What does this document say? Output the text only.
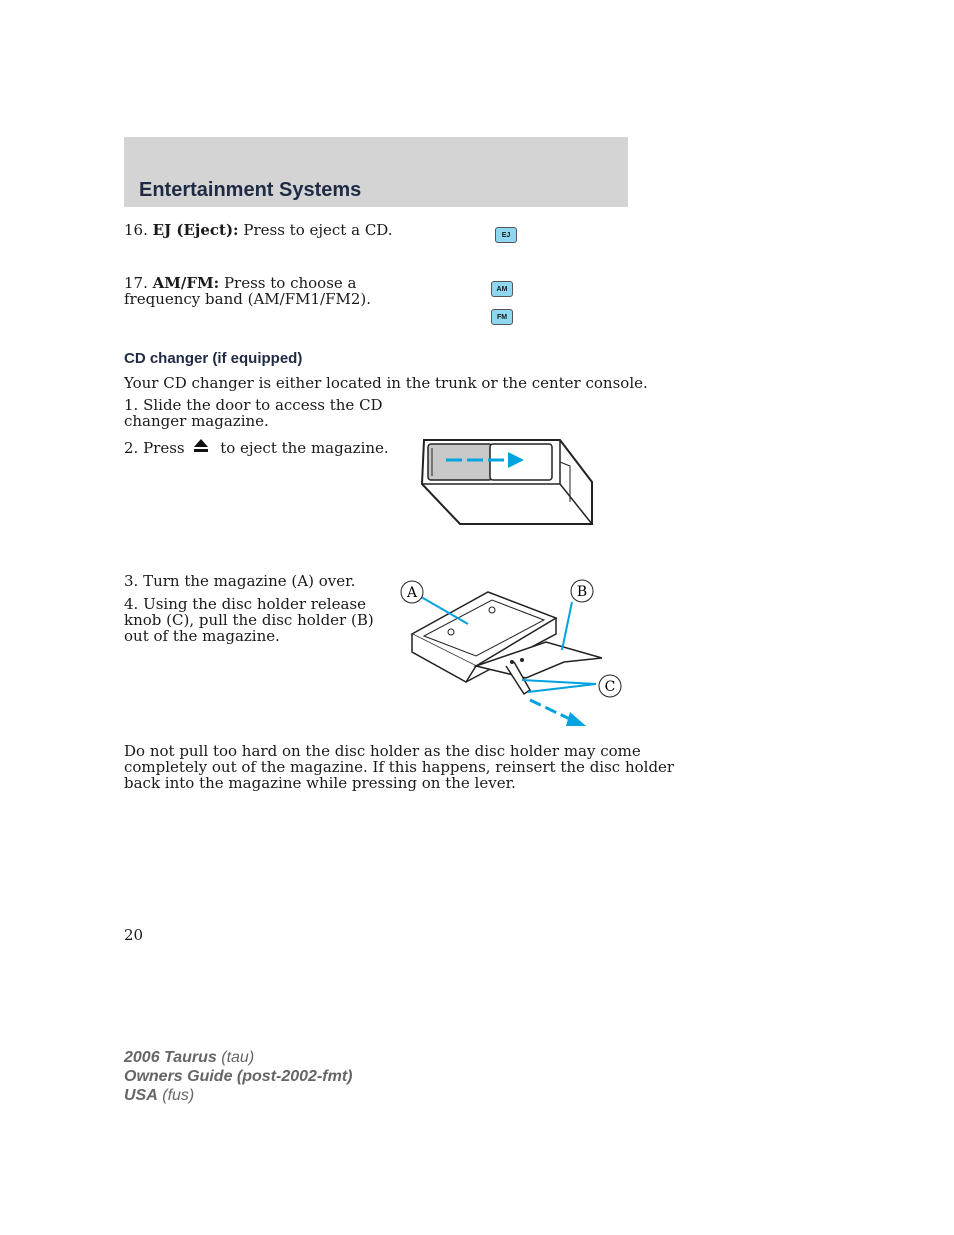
Entertainment Systems
16. EJ (Eject): Press to eject a CD.	EJ
17. AM/FM: Press to choose a
frequency band (AM/FM1/FM2).
AM
FM
CD changer (if equipped)
Your CD changer is either located in the trunk or the center console.
1. Slide the door to access the CD
changer magazine.
2. Press to eject the magazine.
3. Turn the magazine (A) over.
4. Using the disc holder release
knob (C), pull the disc holder (B)
out of the magazine.
A	B
C
Do not pull too hard on the disc holder as the disc holder may come
completely out of the magazine. If this happens, reinsert the disc holder
back into the magazine while pressing on the lever.
20
2006 Taurus (tau)
Owners Guide (post-2002-fmt)
USA (fus)
